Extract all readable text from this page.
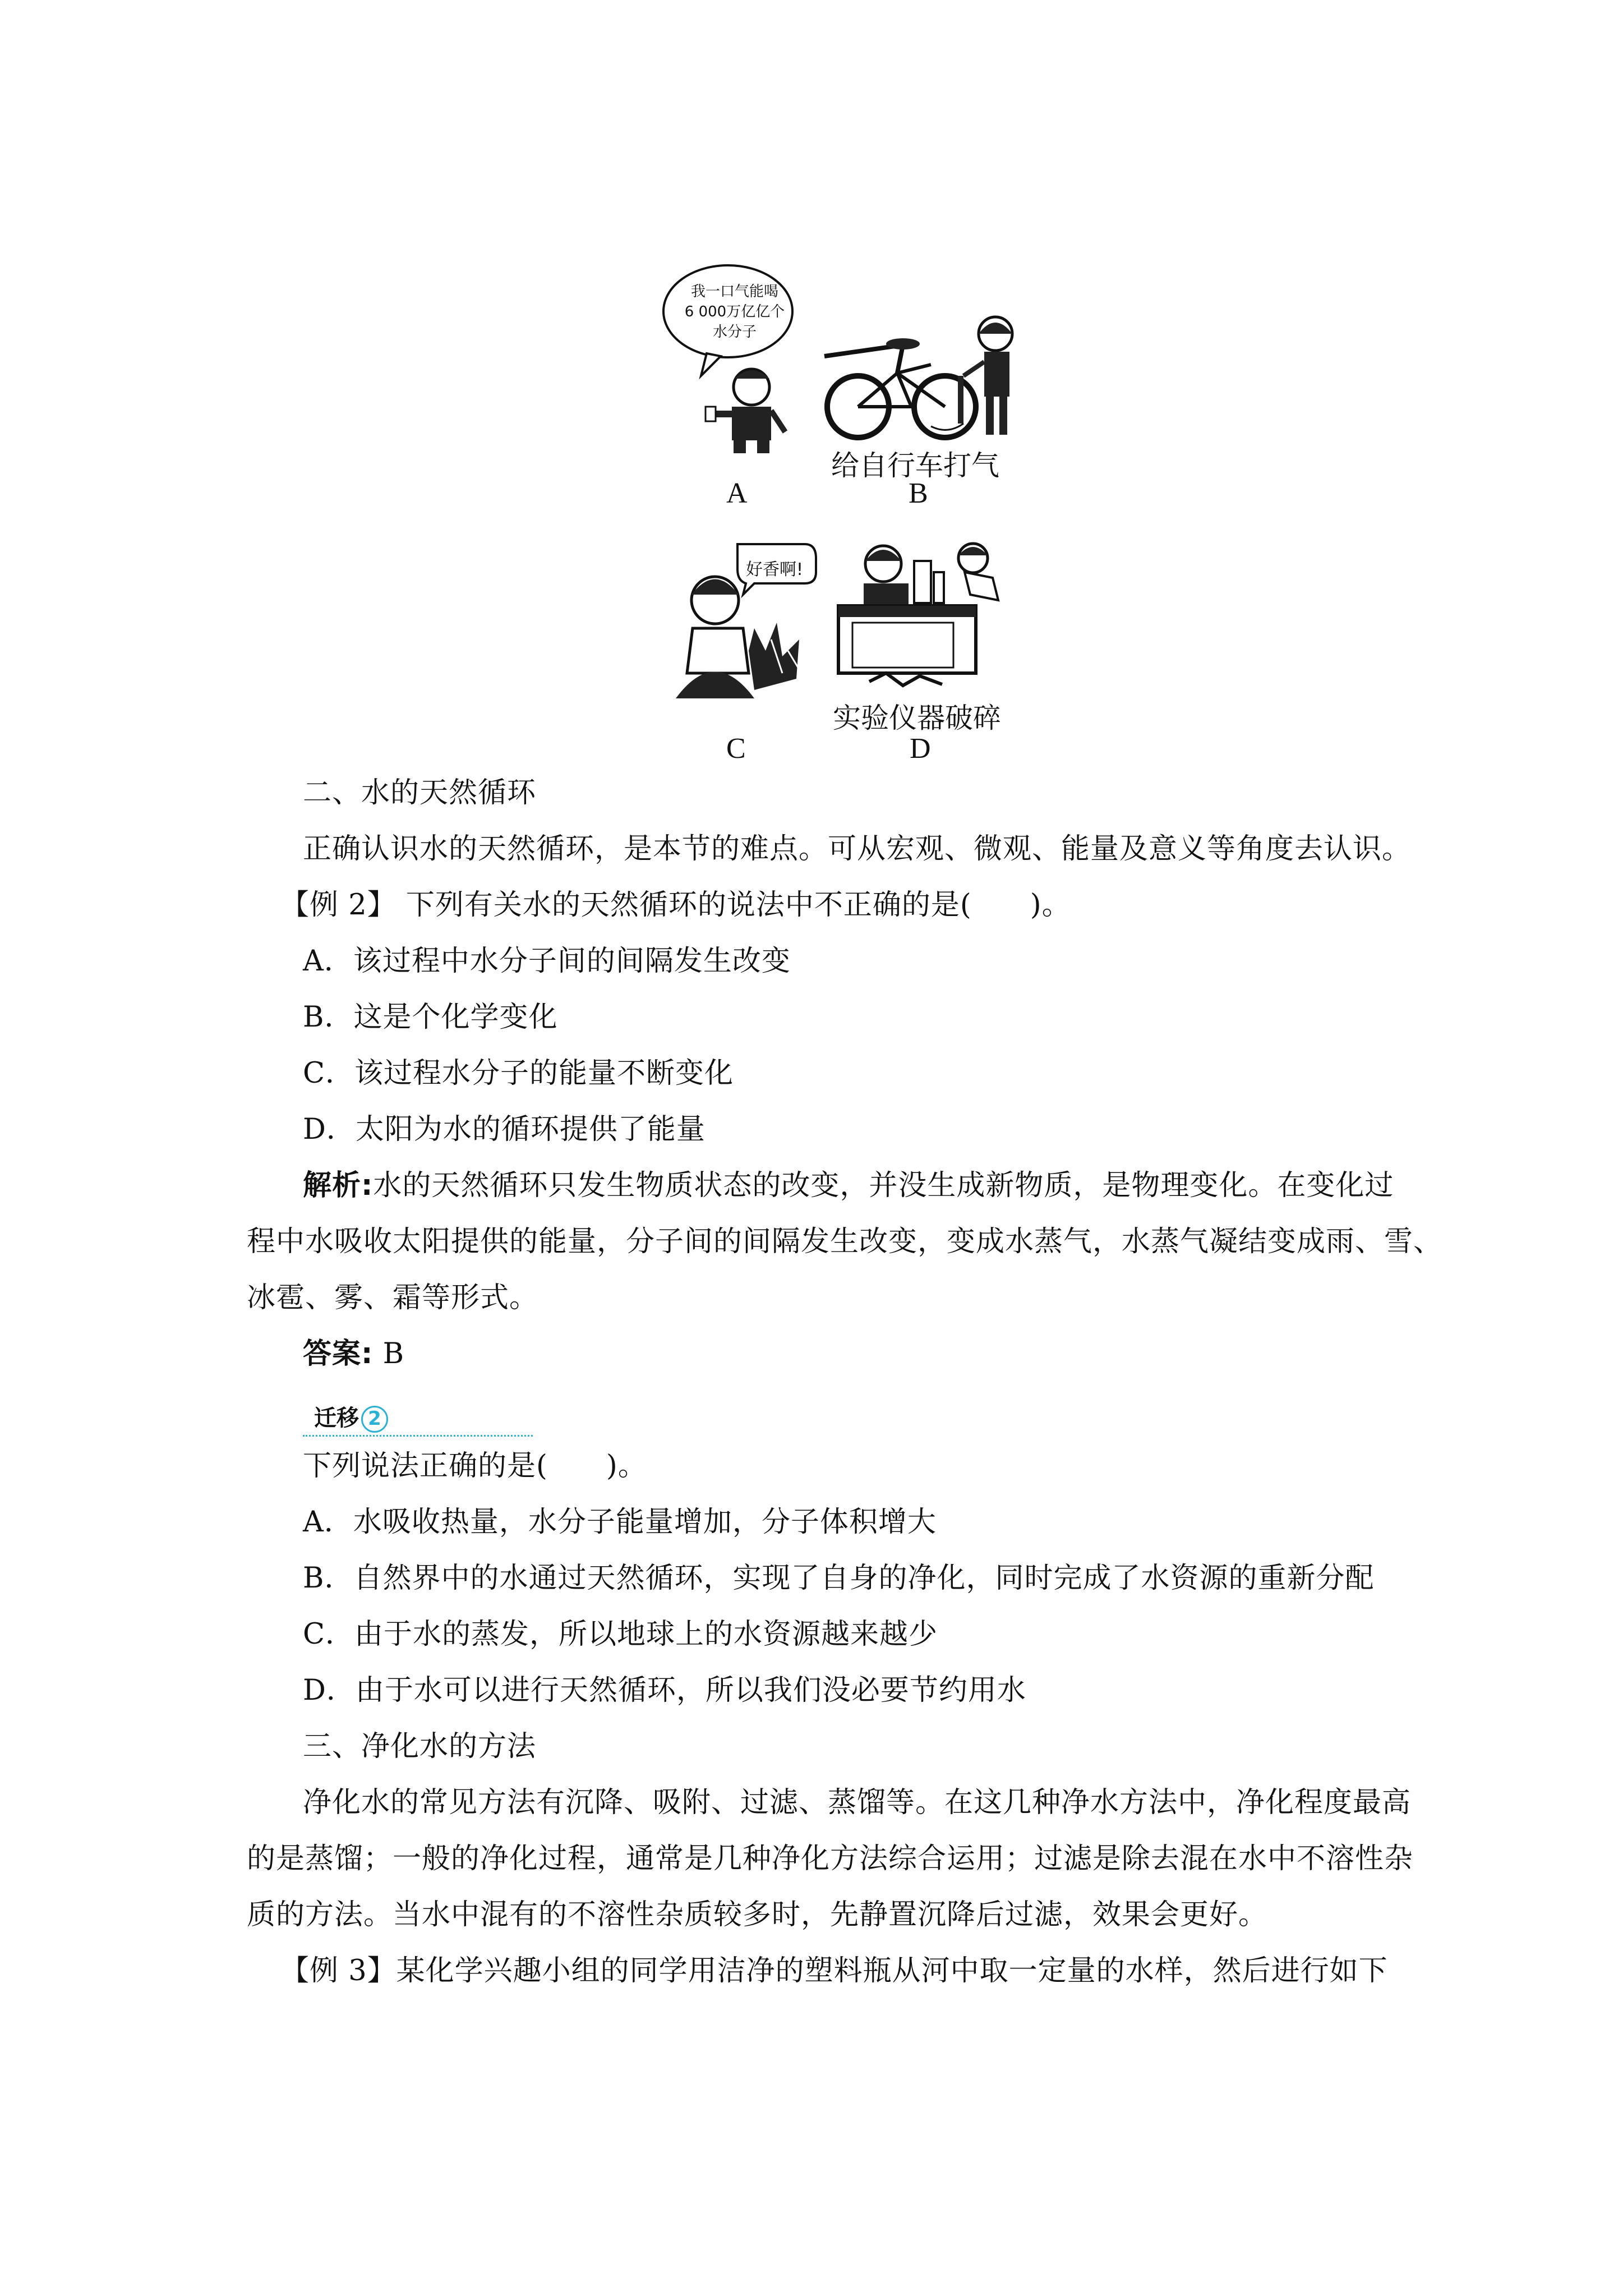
我一口气能喝
6 000万亿亿个
水分子
A
给自行车打气
B
好香啊!
C
实验仪器破碎
D
二、水的天然循环
正确认识水的天然循环，是本节的难点。可从宏观、微观、能量及意义等角度去认识。
【例 2】 下列有关水的天然循环的说法中不正确的是(　　)。
A．该过程中水分子间的间隔发生改变
B．这是个化学变化
C．该过程水分子的能量不断变化
D．太阳为水的循环提供了能量
解析:水的天然循环只发生物质状态的改变，并没生成新物质，是物理变化。在变化过
程中水吸收太阳提供的能量，分子间的间隔发生改变，变成水蒸气，水蒸气凝结变成雨、雪、
冰雹、雾、霜等形式。
答案: B
迁移 2
下列说法正确的是(　　)。
A．水吸收热量，水分子能量增加，分子体积增大
B．自然界中的水通过天然循环，实现了自身的净化，同时完成了水资源的重新分配
C．由于水的蒸发，所以地球上的水资源越来越少
D．由于水可以进行天然循环，所以我们没必要节约用水
三、净化水的方法
净化水的常见方法有沉降、吸附、过滤、蒸馏等。在这几种净水方法中，净化程度最高
的是蒸馏；一般的净化过程，通常是几种净化方法综合运用；过滤是除去混在水中不溶性杂
质的方法。当水中混有的不溶性杂质较多时，先静置沉降后过滤，效果会更好。
【例 3】某化学兴趣小组的同学用洁净的塑料瓶从河中取一定量的水样，然后进行如下
